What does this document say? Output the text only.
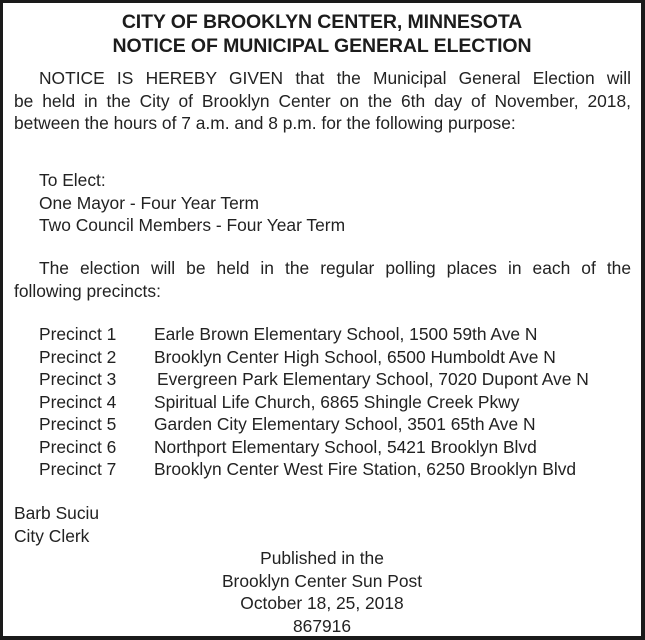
CITY OF BROOKLYN CENTER, MINNESOTA
NOTICE OF MUNICIPAL GENERAL ELECTION
NOTICE IS HEREBY GIVEN that the Municipal General Election will
be held in the City of Brooklyn Center on the 6th day of November, 2018,
between the hours of 7 a.m. and 8 p.m. for the following purpose:
To Elect:
One Mayor - Four Year Term
Two Council Members - Four Year Term
The election will be held in the regular polling places in each of the
following precincts:
Precinct 1 Earle Brown Elementary School, 1500 59th Ave N
Precinct 2 Brooklyn Center High School, 6500 Humboldt Ave N
Precinct 3 Evergreen Park Elementary School, 7020 Dupont Ave N
Precinct 4 Spiritual Life Church, 6865 Shingle Creek Pkwy
Precinct 5 Garden City Elementary School, 3501 65th Ave N
Precinct 6 Northport Elementary School, 5421 Brooklyn Blvd
Precinct 7 Brooklyn Center West Fire Station, 6250 Brooklyn Blvd
Barb Suciu
City Clerk
Published in the
Brooklyn Center Sun Post
October 18, 25, 2018
867916
